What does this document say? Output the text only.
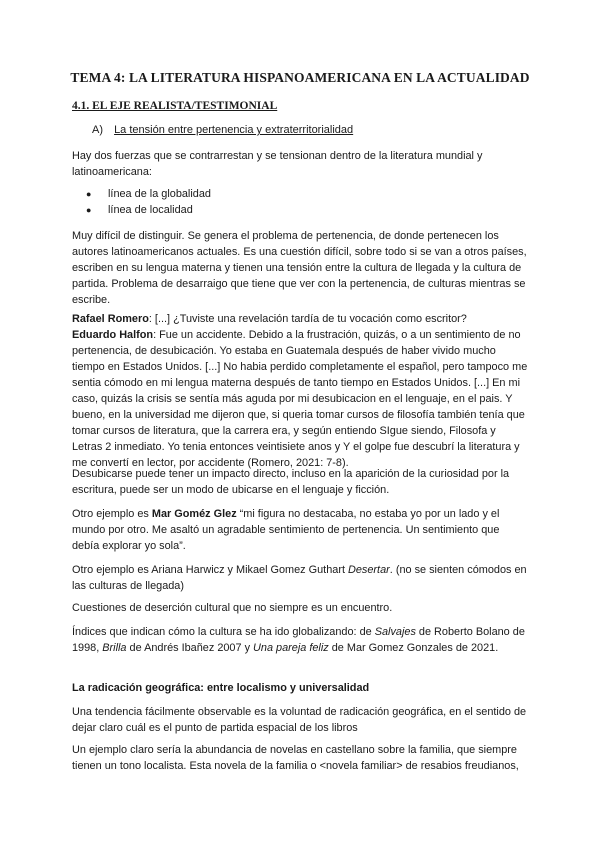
TEMA 4: LA LITERATURA HISPANOAMERICANA EN LA ACTUALIDAD
4.1. EL EJE REALISTA/TESTIMONIAL
A) La tensión entre pertenencia y extraterritorialidad

Hay dos fuerzas que se contrarrestan y se tensionan dentro de la literatura mundial y latinoamericana:

●	línea de la globalidad
●	línea de localidad

Muy difícil de distinguir. Se genera el problema de pertenencia, de donde pertenecen los autores latinoamericanos actuales. Es una cuestión difícil, sobre todo si se van a otros países, escriben en su lengua materna y tienen una tensión entre la cultura de llegada y la cultura de partida. Problema de desarraigo que tiene que ver con la pertenencia, de culturas mientras se escribe.

Rafael Romero: [...] ¿Tuviste una revelación tardía de tu vocación como escritor?

Eduardo Halfon: Fue un accidente. Debido a la frustración, quizás, o a un sentimiento de no pertenencia, de desubicación. Yo estaba en Guatemala después de haber vivido mucho tiempo en Estados Unidos. [...] No habia perdido completamente el español, pero tampoco me sentia cómodo en mi lengua materna después de tanto tiempo en Estados Unidos. [...] En mi caso, quizás la crisis se sentía más aguda por mi desubicacion en el lenguaje, en el pais. Y bueno, en la universidad me dijeron que, si queria tomar cursos de filosofía también tenía que tomar cursos de literatura, que la carrera era, y según entiendo SIgue siendo, Filosofa y Letras 2 inmediato. Yo tenia entonces veintisiete anos y Y el golpe fue descubrí la literatura y me convertí en lector, por accidente (Romero, 2021: 7-8).

Desubicarse puede tener un impacto directo, incluso en la aparición de la curiosidad por la escritura, puede ser un modo de ubicarse en el lenguaje y ficción.

Otro ejemplo es Mar Goméz Glez “mi figura no destacaba, no estaba yo por un lado y el mundo por otro. Me asaltó un agradable sentimiento de pertenencia. Un sentimiento que debía explorar yo sola”.

Otro ejemplo es Ariana Harwicz y Mikael Gomez Guthart Desertar. (no se sienten cómodos en las culturas de llegada)

Cuestiones de deserción cultural que no siempre es un encuentro.

Índices que indican cómo la cultura se ha ido globalizando: de Salvajes de Roberto Bolano de 1998, Brilla de Andrés Ibañez 2007 y Una pareja feliz de Mar Gomez Gonzales de 2021.

La radicación geográfica: entre localismo y universalidad

Una tendencia fácilmente observable es la voluntad de radicación geográfica, en el sentido de dejar claro cuál es el punto de partida espacial de los libros

Un ejemplo claro sería la abundancia de novelas en castellano sobre la familia, que siempre tienen un tono localista. Esta novela de la familia o <novela familiar> de resabios freudianos,
